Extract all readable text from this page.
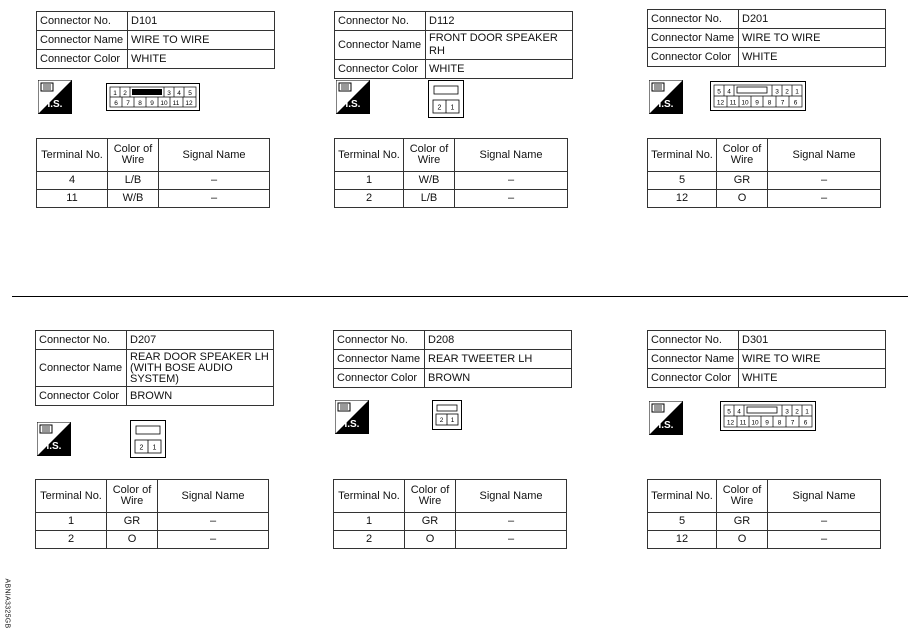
Connector No.	D101
Connector Name	WIRE TO WIRE
Connector Color	WHITE
H.S.
1 2	3 4 5
6 7 8 9 10 11 12
Terminal No.	Color of Wire	Signal Name
4	L/B	–
11	W/B	–
Connector No.	D112
Connector Name	FRONT DOOR SPEAKER RH
Connector Color	WHITE
H.S.	2 1
Terminal No.	Color of Wire	Signal Name
1	W/B	–
2	L/B	–
Connector No.	D201
Connector Name	WIRE TO WIRE
Connector Color	WHITE
H.S.
5 4	3 2 1
12 11 10 9 8 7 6
Terminal No.	Color of Wire	Signal Name
5	GR	–
12	O	–
Connector No.	D207
Connector Name	REAR DOOR SPEAKER LH (WITH BOSE AUDIO SYSTEM)
Connector Color	BROWN
H.S.	2 1
Terminal No.	Color of Wire	Signal Name
1	GR	–
2	O	–
Connector No.	D208
Connector Name	REAR TWEETER LH
Connector Color	BROWN
H.S.	2 1
Terminal No.	Color of Wire	Signal Name
1	GR	–
2	O	–
Connector No.	D301
Connector Name	WIRE TO WIRE
Connector Color	WHITE
H.S.
5 4	3 2 1
12 11 10 9 8 7 6
Terminal No.	Color of Wire	Signal Name
5	GR	–
12	O	–
ABNIA3325GB
